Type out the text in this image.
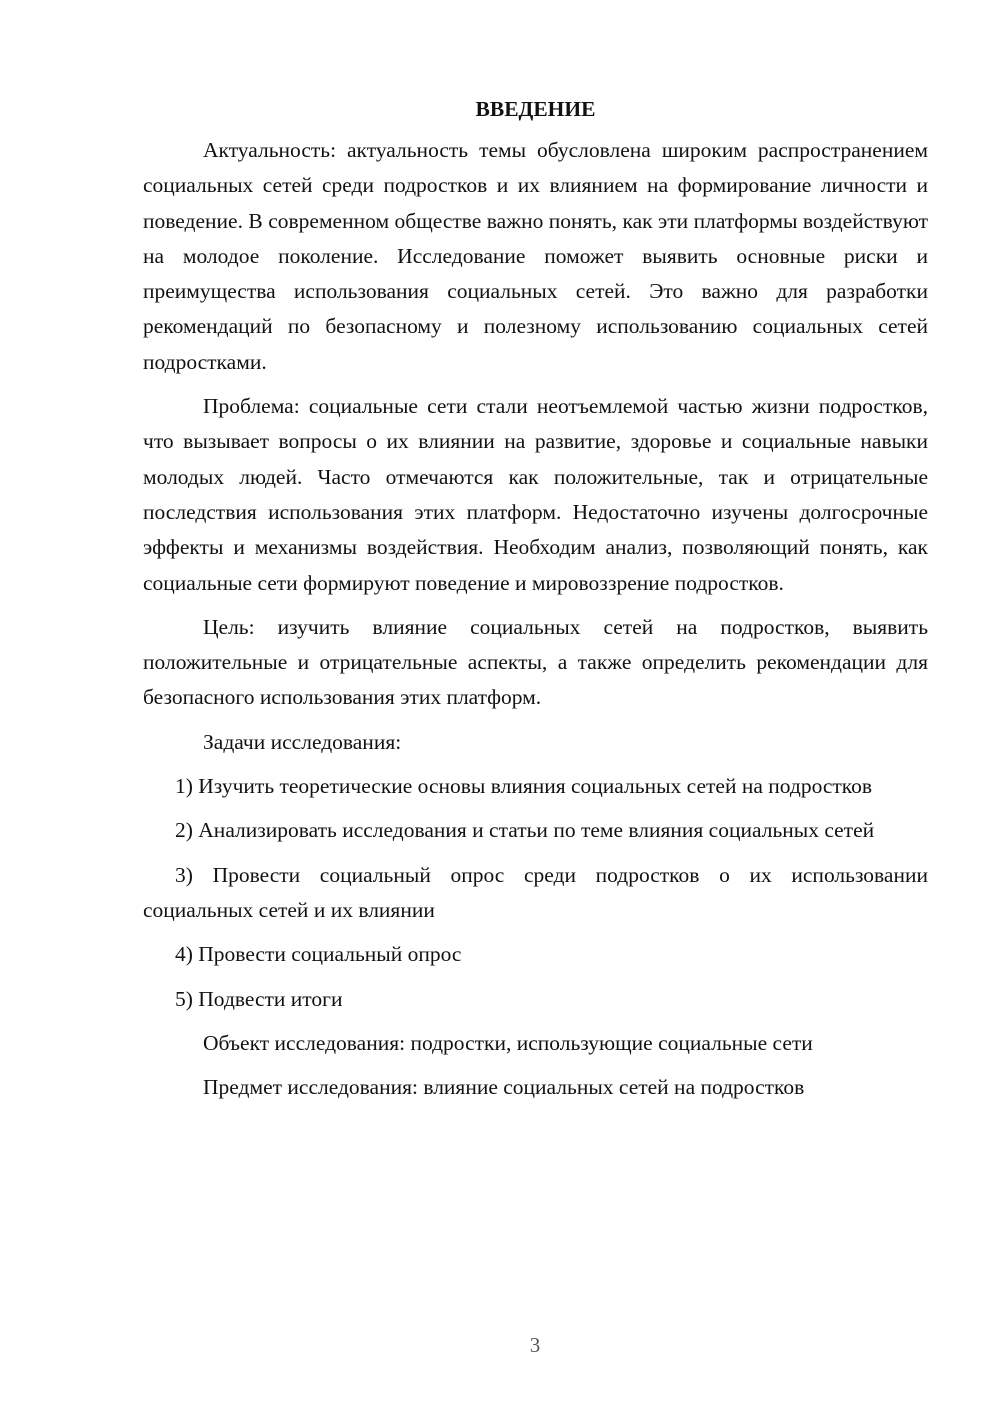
ВВЕДЕНИЕ

Актуальность: актуальность темы обусловлена широким распространением социальных сетей среди подростков и их влиянием на формирование личности и поведение. В современном обществе важно понять, как эти платформы воздействуют на молодое поколение. Исследование поможет выявить основные риски и преимущества использования социальных сетей. Это важно для разработки рекомендаций по безопасному и полезному использованию социальных сетей подростками.

Проблема: социальные сети стали неотъемлемой частью жизни подростков, что вызывает вопросы о их влиянии на развитие, здоровье и социальные навыки молодых людей. Часто отмечаются как положительные, так и отрицательные последствия использования этих платформ. Недостаточно изучены долгосрочные эффекты и механизмы воздействия. Необходим анализ, позволяющий понять, как социальные сети формируют поведение и мировоззрение подростков.

Цель: изучить влияние социальных сетей на подростков, выявить положительные и отрицательные аспекты, а также определить рекомендации для безопасного использования этих платформ.

Задачи исследования:

1) Изучить теоретические основы влияния социальных сетей на подростков

2) Анализировать исследования и статьи по теме влияния социальных сетей

3) Провести социальный опрос среди подростков о их использовании социальных сетей и их влиянии

4) Провести социальный опрос

5) Подвести итоги

Объект исследования: подростки, использующие социальные сети

Предмет исследования: влияние социальных сетей на подростков

3
